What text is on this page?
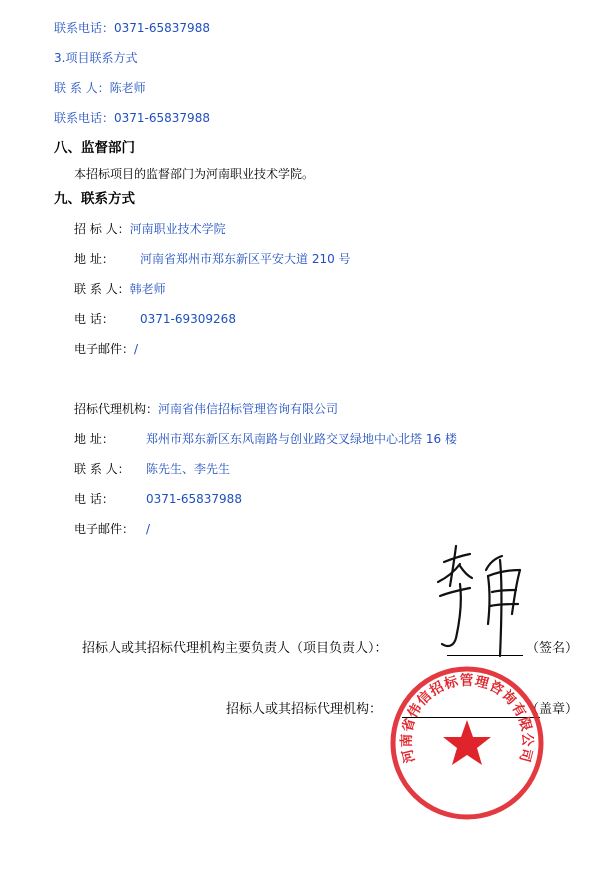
联系电话：0371-65837988
3.项目联系方式
联 系 人：陈老师
联系电话：0371-65837988
八、监督部门
本招标项目的监督部门为河南职业技术学院。
九、联系方式
招 标 人：河南职业技术学院
地 址： 河南省郑州市郑东新区平安大道 210 号
联 系 人：韩老师
电 话： 0371-69309268
电子邮件：/
招标代理机构：河南省伟信招标管理咨询有限公司
地 址：	郑州市郑东新区东风南路与创业路交叉绿地中心北塔 16 楼
联 系 人： 陈先生、李先生
电 话：	0371-65837988
电子邮件： /
招标人或其招标代理机构主要负责人（项目负责人）：	（签名）
招标人或其招标代理机构：	（盖章）
河南省伟信招标管理咨询有限公司
